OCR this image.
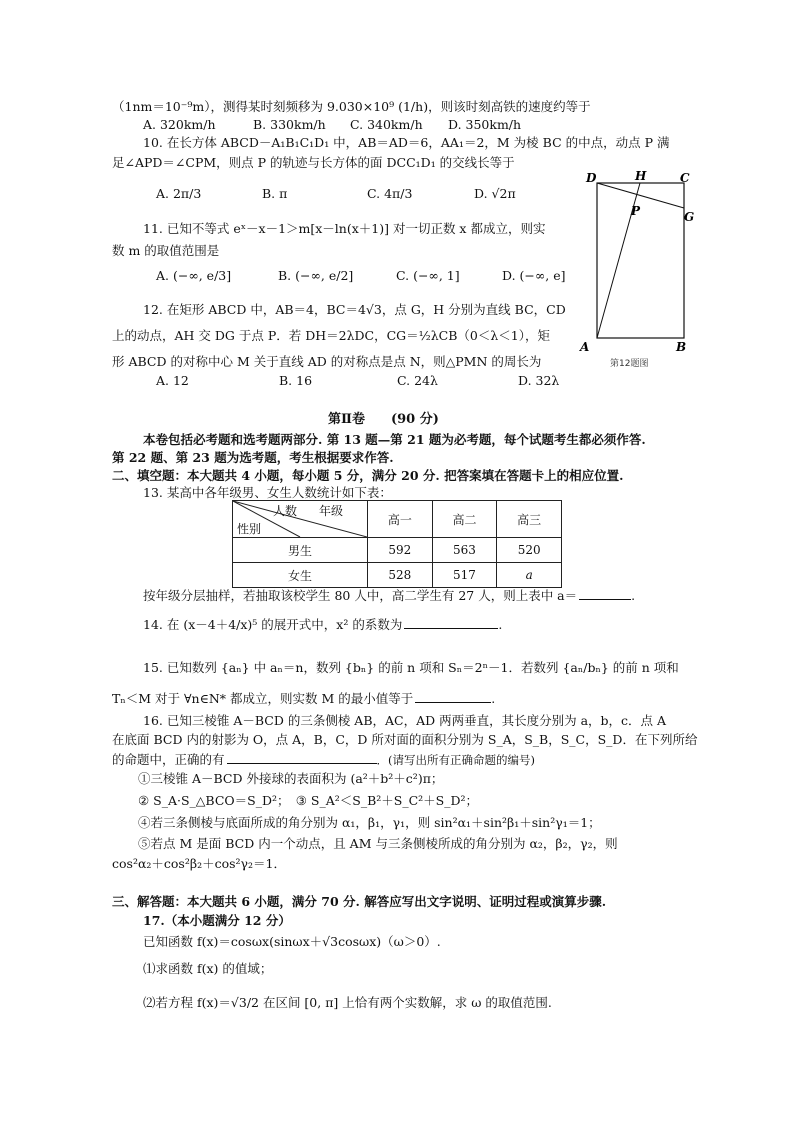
（1nm＝10⁻⁹m），测得某时刻频移为 9.030×10⁹ (1/h)，则该时刻高铁的速度约等于
A. 320km/h	B. 330km/h C. 340km/h D. 350km/h
10. 在长方体 ABCD－A₁B₁C₁D₁ 中，AB＝AD＝6，AA₁＝2，M 为棱 BC 的中点，动点 P 满
足∠APD＝∠CPM，则点 P 的轨迹与长方体的面 DCC₁D₁ 的交线长等于
A. 2π/3	B. π	C. 4π/3	D. √2π
11. 已知不等式 eˣ－x－1＞m[x－ln(x＋1)] 对一切正数 x 都成立，则实
数 m 的取值范围是
A. (−∞, e/3]	B. (−∞, e/2]	C. (−∞, 1]	D. (−∞, e]
12. 在矩形 ABCD 中，AB＝4，BC＝4√3，点 G，H 分别为直线 BC，CD
上的动点，AH 交 DG 于点 P．若 DH＝2λDC，CG＝½λCB（0＜λ＜1），矩
形 ABCD 的对称中心 M 关于直线 AD 的对称点是点 N，则△PMN 的周长为
A. 12	B. 16	C. 24λ	D. 32λ
D	H	C
P	G
A	B
第12题图
第Ⅱ卷　　(90 分)
本卷包括必考题和选考题两部分. 第 13 题—第 21 题为必考题，每个试题考生都必须作答.
第 22 题、第 23 题为选考题，考生根据要求作答.
二、填空题：本大题共 4 小题，每小题 5 分，满分 20 分. 把答案填在答题卡上的相应位置.
13. 某高中各年级男、女生人数统计如下表：
人数 年级
性别	高一	高二	高三
男生	592	563	520
女生	528	517	a
按年级分层抽样，若抽取该校学生 80 人中，高二学生有 27 人，则上表中 a＝	.
14. 在 (x－4＋4/x)⁵ 的展开式中，x² 的系数为	.
15. 已知数列 {aₙ} 中 aₙ＝n，数列 {bₙ} 的前 n 项和 Sₙ＝2ⁿ－1．若数列 {aₙ/bₙ} 的前 n 项和
Tₙ＜M 对于 ∀n∈N* 都成立，则实数 M 的最小值等于	.
16. 已知三棱锥 A－BCD 的三条侧棱 AB，AC，AD 两两垂直，其长度分别为 a，b，c．点 A
在底面 BCD 内的射影为 O，点 A，B，C，D 所对面的面积分别为 S_A，S_B，S_C，S_D．在下列所给
的命题中，正确的有	．(请写出所有正确命题的编号)
①三棱锥 A－BCD 外接球的表面积为 (a²＋b²＋c²)π；
② S_A·S_△BCO＝S_D²；　③ S_A²＜S_B²＋S_C²＋S_D²；
④若三条侧棱与底面所成的角分别为 α₁，β₁，γ₁，则 sin²α₁＋sin²β₁＋sin²γ₁＝1；
⑤若点 M 是面 BCD 内一个动点，且 AM 与三条侧棱所成的角分别为 α₂，β₂，γ₂，则
cos²α₂＋cos²β₂＋cos²γ₂＝1．
三、解答题：本大题共 6 小题，满分 70 分. 解答应写出文字说明、证明过程或演算步骤.
17.（本小题满分 12 分）
已知函数 f(x)＝cosωx(sinωx＋√3cosωx)（ω＞0）.
⑴求函数 f(x) 的值域；
⑵若方程 f(x)＝√3/2 在区间 [0, π] 上恰有两个实数解，求 ω 的取值范围.
